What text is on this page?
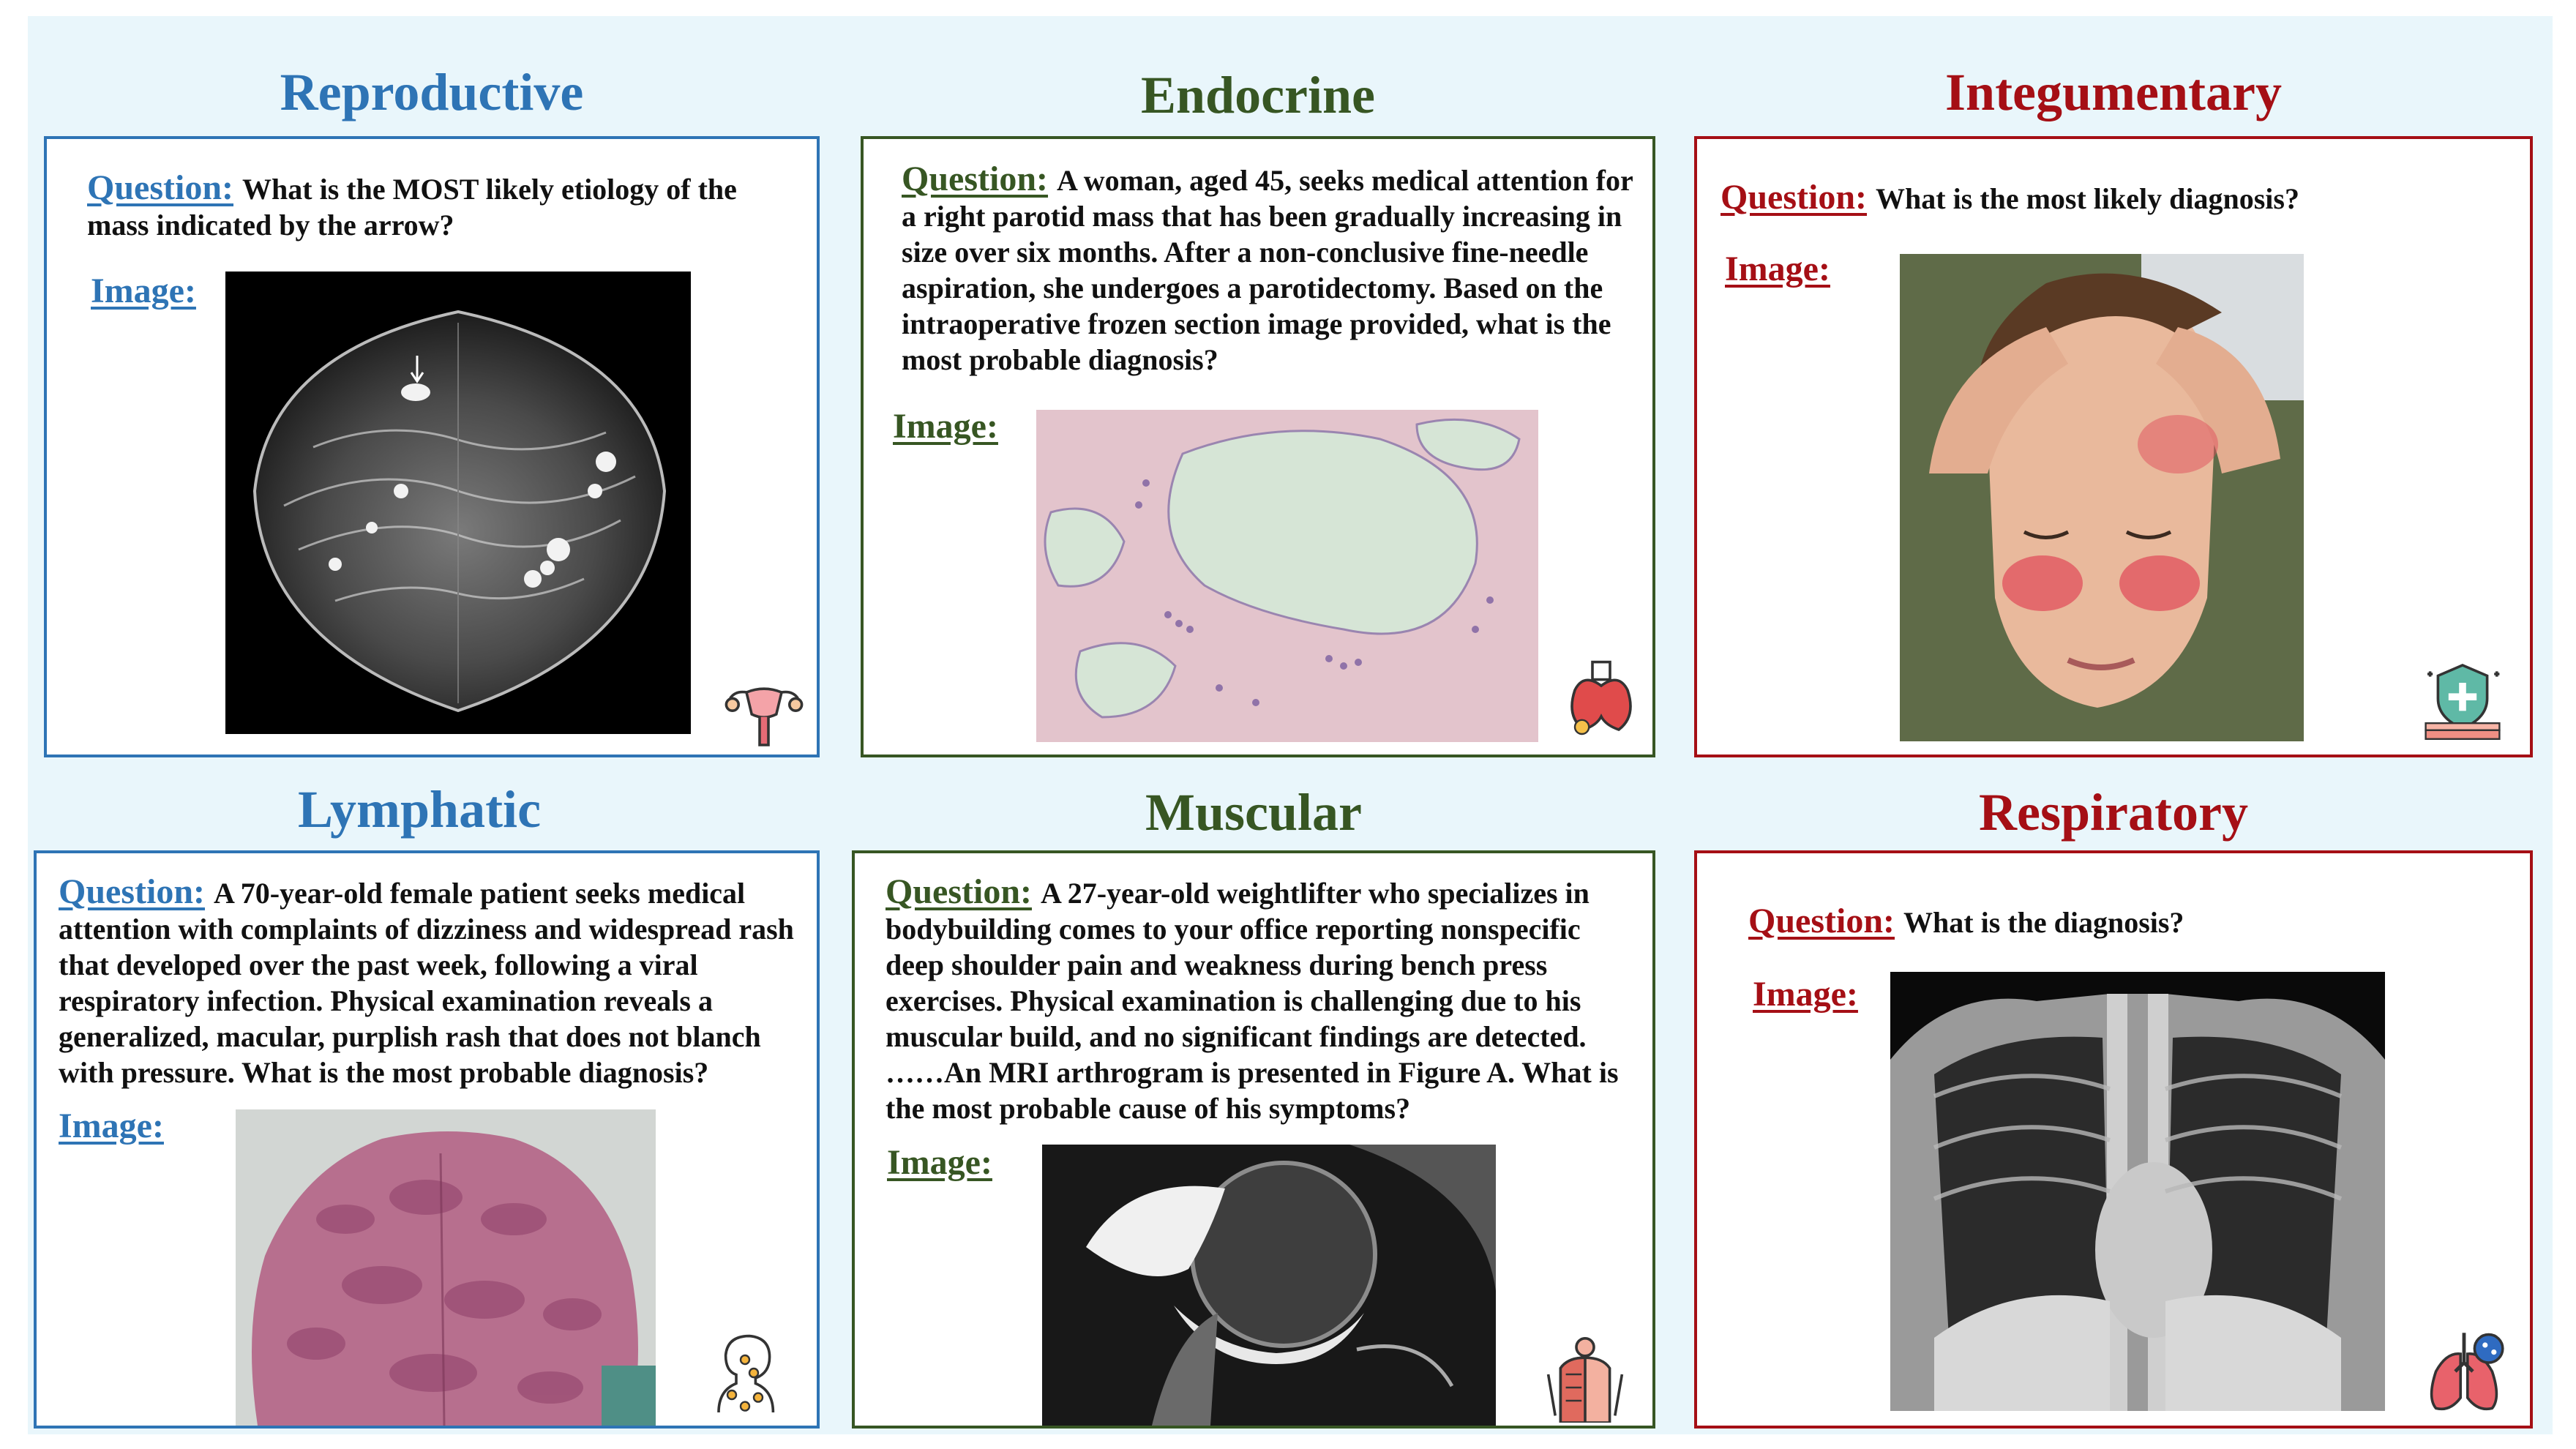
Reproductive
Question: What is the MOST likely etiology of the mass indicated by the arrow?
Image:
Endocrine
Question: A woman, aged 45, seeks medical attention for a right parotid mass that has been gradually increasing in size over six months. After a non-conclusive fine-needle aspiration, she undergoes a parotidectomy. Based on the intraoperative frozen section image provided, what is the most probable diagnosis?
Image:
Integumentary
Question: What is the most likely diagnosis?
Image:
Lymphatic
Question: A 70-year-old female patient seeks medical attention with complaints of dizziness and widespread rash that developed over the past week, following a viral respiratory infection. Physical examination reveals a generalized, macular, purplish rash that does not blanch with pressure. What is the most probable diagnosis?
Image:
Muscular
Question: A 27-year-old weightlifter who specializes in bodybuilding comes to your office reporting nonspecific deep shoulder pain and weakness during bench press exercises. Physical examination is challenging due to his muscular build, and no significant findings are detected. ……An MRI arthrogram is presented in Figure A. What is the most probable cause of his symptoms?
Image:
Respiratory
Question: What is the diagnosis?
Image:
